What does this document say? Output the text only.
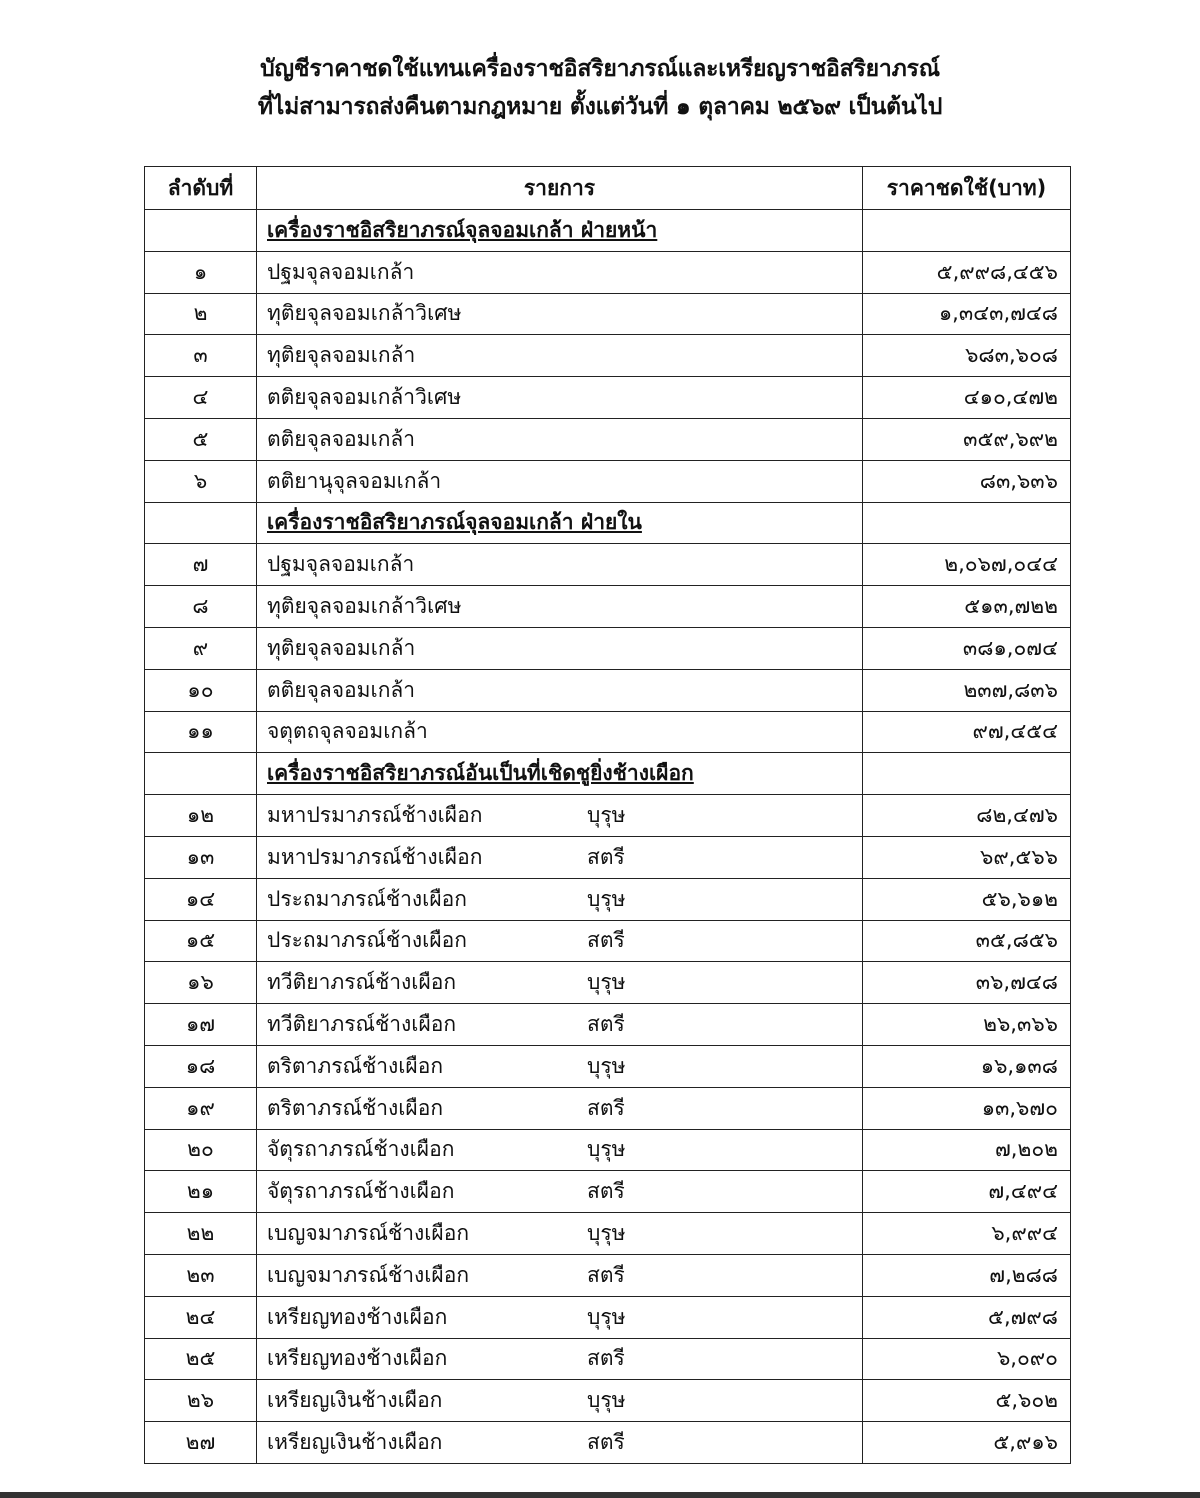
บัญชีราคาชดใช้แทนเครื่องราชอิสริยาภรณ์และเหรียญราชอิสริยาภรณ์
ที่ไม่สามารถส่งคืนตามกฎหมาย ตั้งแต่วันที่ ๑ ตุลาคม ๒๕๖๙ เป็นต้นไป
ลำดับที่	รายการ	ราคาชดใช้(บาท)
	เครื่องราชอิสริยาภรณ์จุลจอมเกล้า ฝ่ายหน้า	
๑	ปฐมจุลจอมเกล้า	๕,๙๙๘,๔๕๖
๒	ทุติยจุลจอมเกล้าวิเศษ	๑,๓๔๓,๗๔๘
๓	ทุติยจุลจอมเกล้า	๖๘๓,๖๐๘
๔	ตติยจุลจอมเกล้าวิเศษ	๔๑๐,๔๗๒
๕	ตติยจุลจอมเกล้า	๓๕๙,๖๙๒
๖	ตติยานุจุลจอมเกล้า	๘๓,๖๓๖
	เครื่องราชอิสริยาภรณ์จุลจอมเกล้า ฝ่ายใน	
๗	ปฐมจุลจอมเกล้า	๒,๐๖๗,๐๔๔
๘	ทุติยจุลจอมเกล้าวิเศษ	๕๑๓,๗๒๒
๙	ทุติยจุลจอมเกล้า	๓๘๑,๐๗๔
๑๐	ตติยจุลจอมเกล้า	๒๓๗,๘๓๖
๑๑	จตุตถจุลจอมเกล้า	๙๗,๔๕๔
	เครื่องราชอิสริยาภรณ์อันเป็นที่เชิดชูยิ่งช้างเผือก	
๑๒	มหาปรมาภรณ์ช้างเผือก บุรุษ	๘๒,๔๗๖
๑๓	มหาปรมาภรณ์ช้างเผือก สตรี	๖๙,๕๖๖
๑๔	ประถมาภรณ์ช้างเผือก บุรุษ	๕๖,๖๑๒
๑๕	ประถมาภรณ์ช้างเผือก สตรี	๓๕,๘๕๖
๑๖	ทวีติยาภรณ์ช้างเผือก บุรุษ	๓๖,๗๔๘
๑๗	ทวีติยาภรณ์ช้างเผือก สตรี	๒๖,๓๖๖
๑๘	ตริตาภรณ์ช้างเผือก บุรุษ	๑๖,๑๓๘
๑๙	ตริตาภรณ์ช้างเผือก สตรี	๑๓,๖๗๐
๒๐	จัตุรถาภรณ์ช้างเผือก บุรุษ	๗,๒๐๒
๒๑	จัตุรถาภรณ์ช้างเผือก สตรี	๗,๔๙๔
๒๒	เบญจมาภรณ์ช้างเผือก บุรุษ	๖,๙๙๔
๒๓	เบญจมาภรณ์ช้างเผือก สตรี	๗,๒๘๘
๒๔	เหรียญทองช้างเผือก บุรุษ	๕,๗๙๘
๒๕	เหรียญทองช้างเผือก สตรี	๖,๐๙๐
๒๖	เหรียญเงินช้างเผือก บุรุษ	๕,๖๐๒
๒๗	เหรียญเงินช้างเผือก สตรี	๕,๙๑๖
